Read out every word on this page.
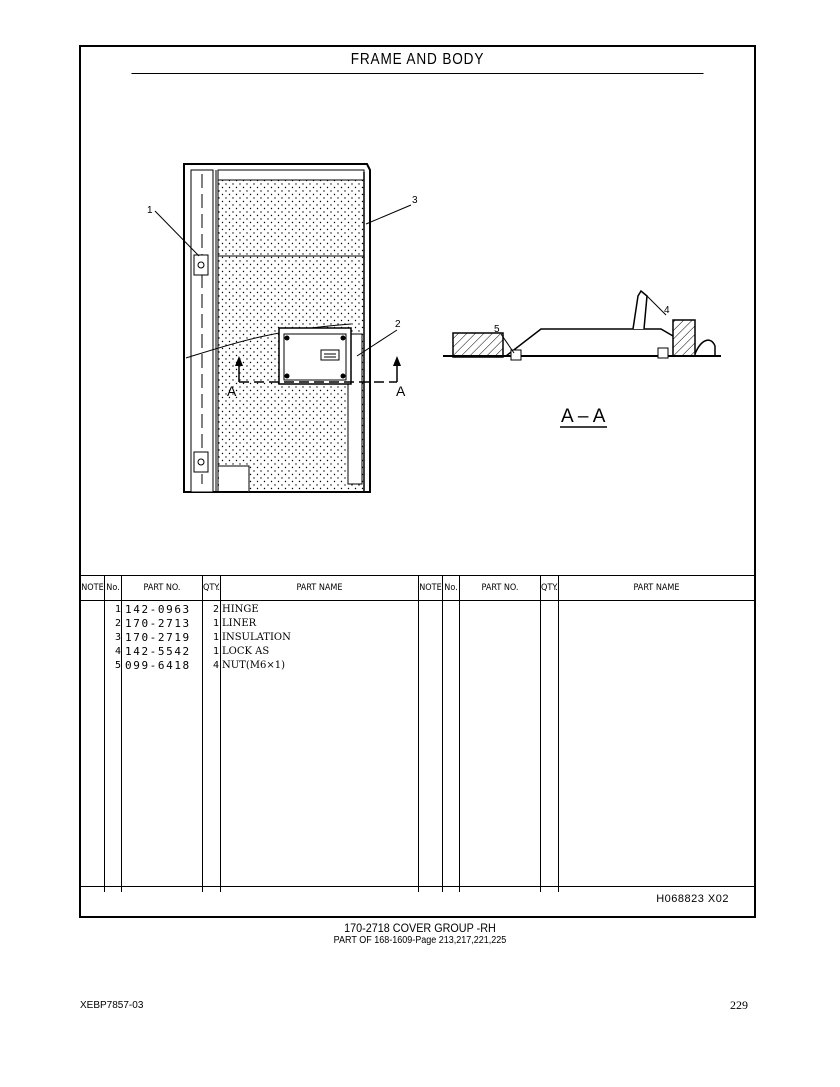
FRAME AND BODY
1
3
2
4
5
A	A
A – A
NOTE No.	PART NO.	QTY.	PART NAME	NOTE No.	PART NO.	QTY.	PART NAME
1 142-0963	2 HINGE
2 170-2713	1 LINER
3 170-2719	1 INSULATION
4 142-5542	1 LOCK AS
5 099-6418	4 NUT(M6×1)
H068823 X02
170-2718 COVER GROUP -RH
PART OF 168-1609-Page 213,217,221,225
XEBP7857-03	229
